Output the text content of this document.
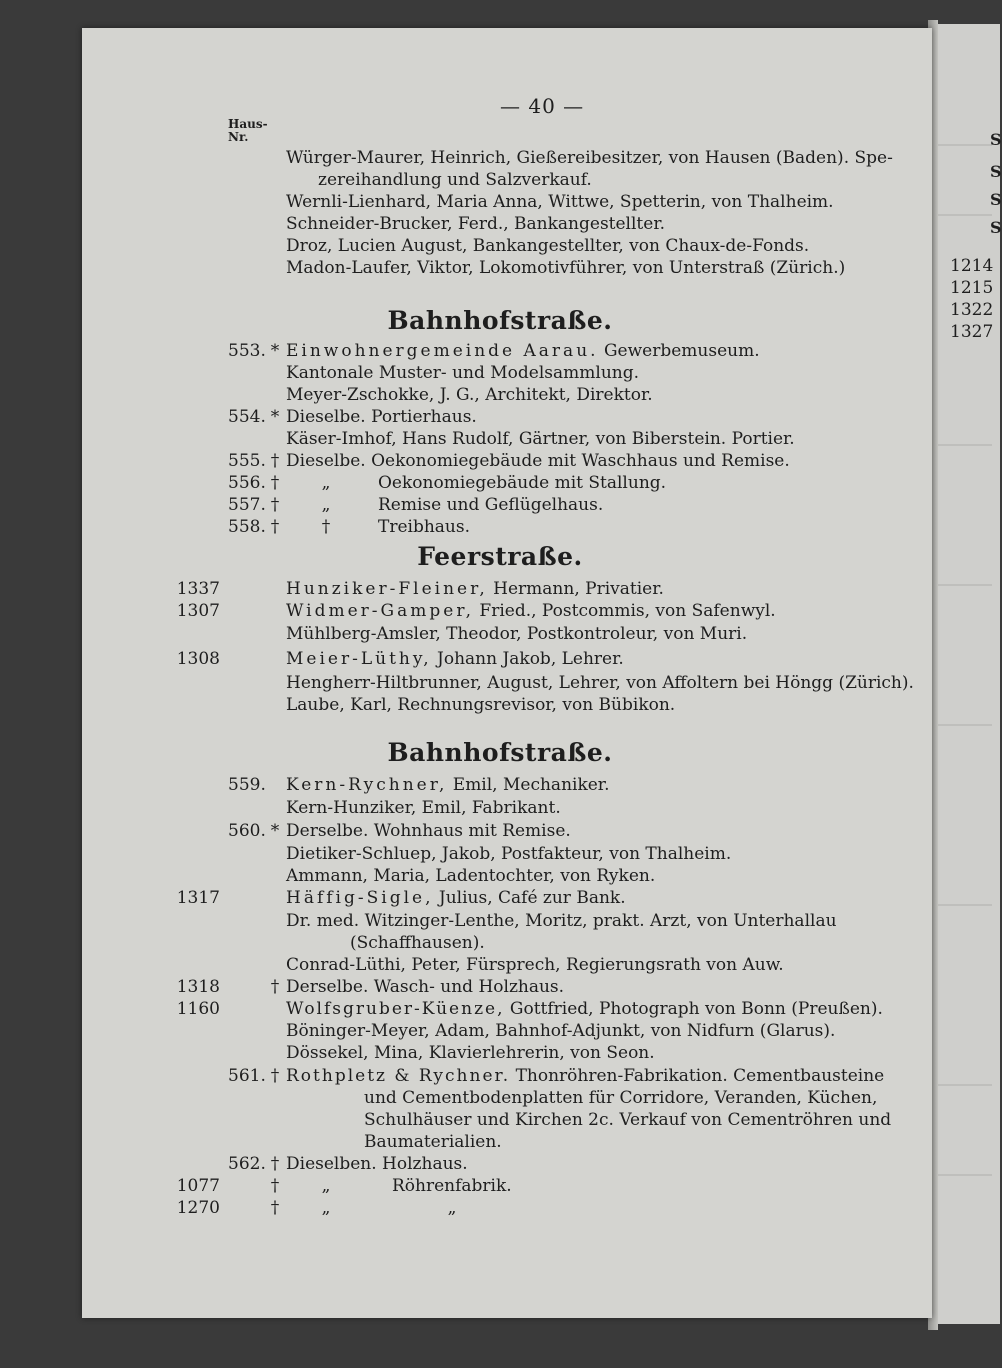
S
S
S
S
1214
1215
1322
1327
— 40 —
Haus-
Nr.
Würger-Maurer, Heinrich, Gießereibesitzer, von Hausen (Baden). Spe-
zereihandlung und Salzverkauf.
Wernli-Lienhard, Maria Anna, Wittwe, Spetterin, von Thalheim.
Schneider-Brucker, Ferd., Bankangestellter.
Droz, Lucien August, Bankangestellter, von Chaux-de-Fonds.
Madon-Laufer, Viktor, Lokomotivführer, von Unterstraß (Zürich.)
Bahnhofstraße.
553. * Einwohnergemeinde Aarau. Gewerbemuseum.
Kantonale Muster- und Modelsammlung.
Meyer-Zschokke, J. G., Architekt, Direktor.
554. * Dieselbe. Portierhaus.
Käser-Imhof, Hans Rudolf, Gärtner, von Biberstein. Portier.
555. † Dieselbe. Oekonomiegebäude mit Waschhaus und Remise.
556. †	„	Oekonomiegebäude mit Stallung.
557. †	„	Remise und Geflügelhaus.
558. †	†	Treibhaus.
Feerstraße.
1337	Hunziker-Fleiner, Hermann, Privatier.
1307	Widmer-Gamper, Fried., Postcommis, von Safenwyl.
Mühlberg-Amsler, Theodor, Postkontroleur, von Muri.
1308	Meier-Lüthy, Johann Jakob, Lehrer.
Hengherr-Hiltbrunner, August, Lehrer, von Affoltern bei Höngg (Zürich).
Laube, Karl, Rechnungsrevisor, von Bübikon.
Bahnhofstraße.
559.	Kern-Rychner, Emil, Mechaniker.
Kern-Hunziker, Emil, Fabrikant.
560. * Derselbe. Wohnhaus mit Remise.
Dietiker-Schluep, Jakob, Postfakteur, von Thalheim.
Ammann, Maria, Ladentochter, von Ryken.
1317	Häffig-Sigle, Julius, Café zur Bank.
Dr. med. Witzinger-Lenthe, Moritz, prakt. Arzt, von Unterhallau
(Schaffhausen).
Conrad-Lüthi, Peter, Fürsprech, Regierungsrath von Auw.
1318	† Derselbe. Wasch- und Holzhaus.
1160	Wolfsgruber-Küenze, Gottfried, Photograph von Bonn (Preußen).
Böninger-Meyer, Adam, Bahnhof-Adjunkt, von Nidfurn (Glarus).
Dössekel, Mina, Klavierlehrerin, von Seon.
561. † Rothpletz & Rychner. Thonröhren-Fabrikation. Cementbausteine
und Cementbodenplatten für Corridore, Veranden, Küchen,
Schulhäuser und Kirchen 2c. Verkauf von Cementröhren und
Baumaterialien.
562. † Dieselben. Holzhaus.
1077	†	„	Röhrenfabrik.
1270	†	„	„
